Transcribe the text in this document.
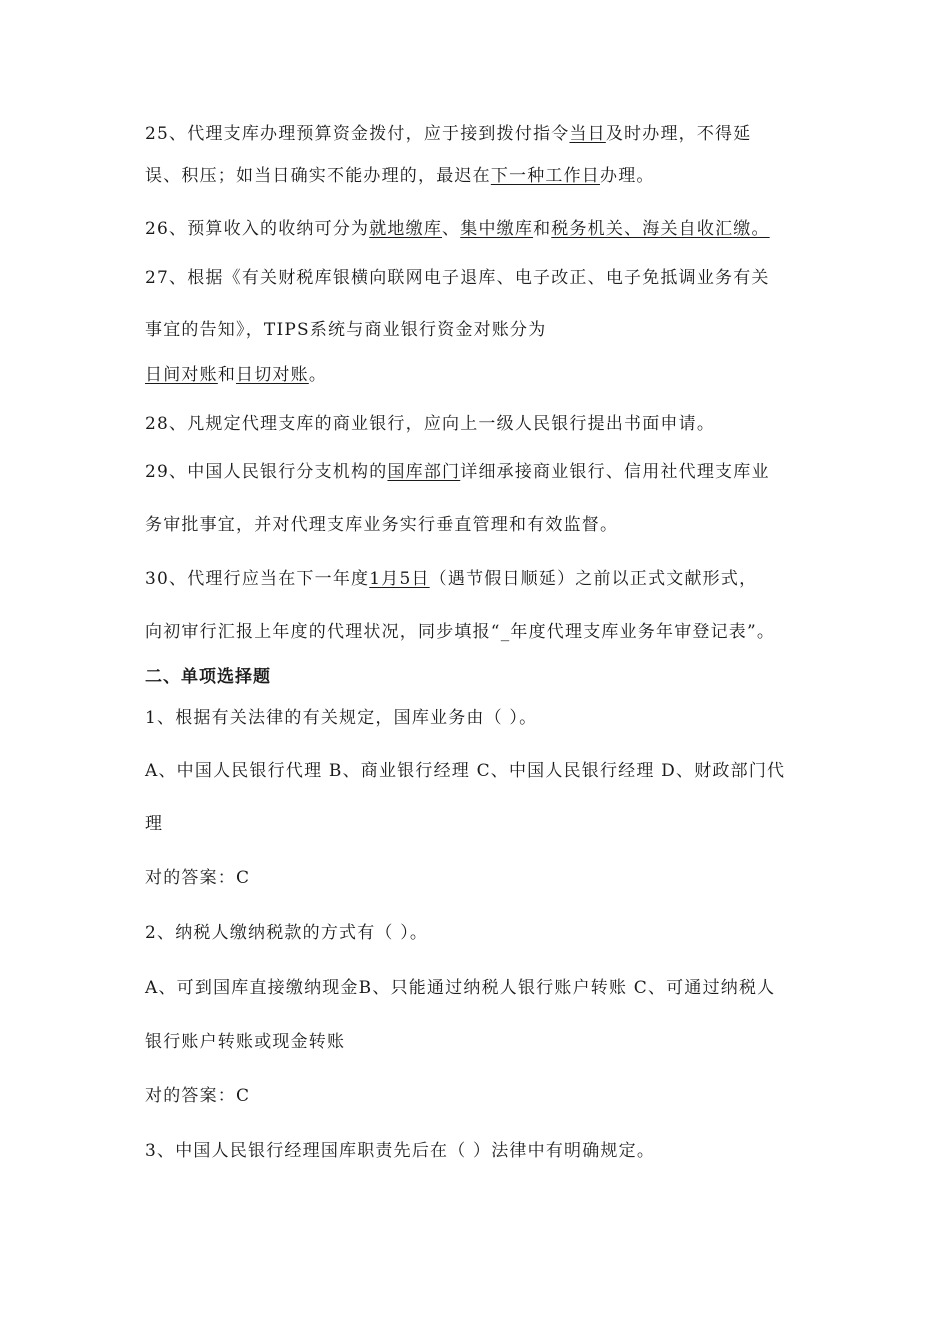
25、代理支库办理预算资金拨付，应于接到拨付指令当日及时办理，不得延
误、积压；如当日确实不能办理的，最迟在下一种工作日办理。
26、预算收入的收纳可分为就地缴库、集中缴库和税务机关、海关自收汇缴。
27、根据《有关财税库银横向联网电子退库、电子改正、电子免抵调业务有关
事宜的告知》，TIPS系统与商业银行资金对账分为
日间对账和日切对账。
28、凡规定代理支库的商业银行，应向上一级人民银行提出书面申请。
29、中国人民银行分支机构的国库部门详细承接商业银行、信用社代理支库业
务审批事宜，并对代理支库业务实行垂直管理和有效监督。
30、代理行应当在下一年度1月5日（遇节假日顺延）之前以正式文献形式，
向初审行汇报上年度的代理状况，同步填报“_年度代理支库业务年审登记表”。
二、单项选择题
1、根据有关法律的有关规定，国库业务由（ ）。
A、中国人民银行代理 B、商业银行经理 C、中国人民银行经理 D、财政部门代
理
对的答案：C
2、纳税人缴纳税款的方式有（ ）。
A、可到国库直接缴纳现金B、只能通过纳税人银行账户转账 C、可通过纳税人
银行账户转账或现金转账
对的答案：C
3、中国人民银行经理国库职责先后在（ ）法律中有明确规定。
